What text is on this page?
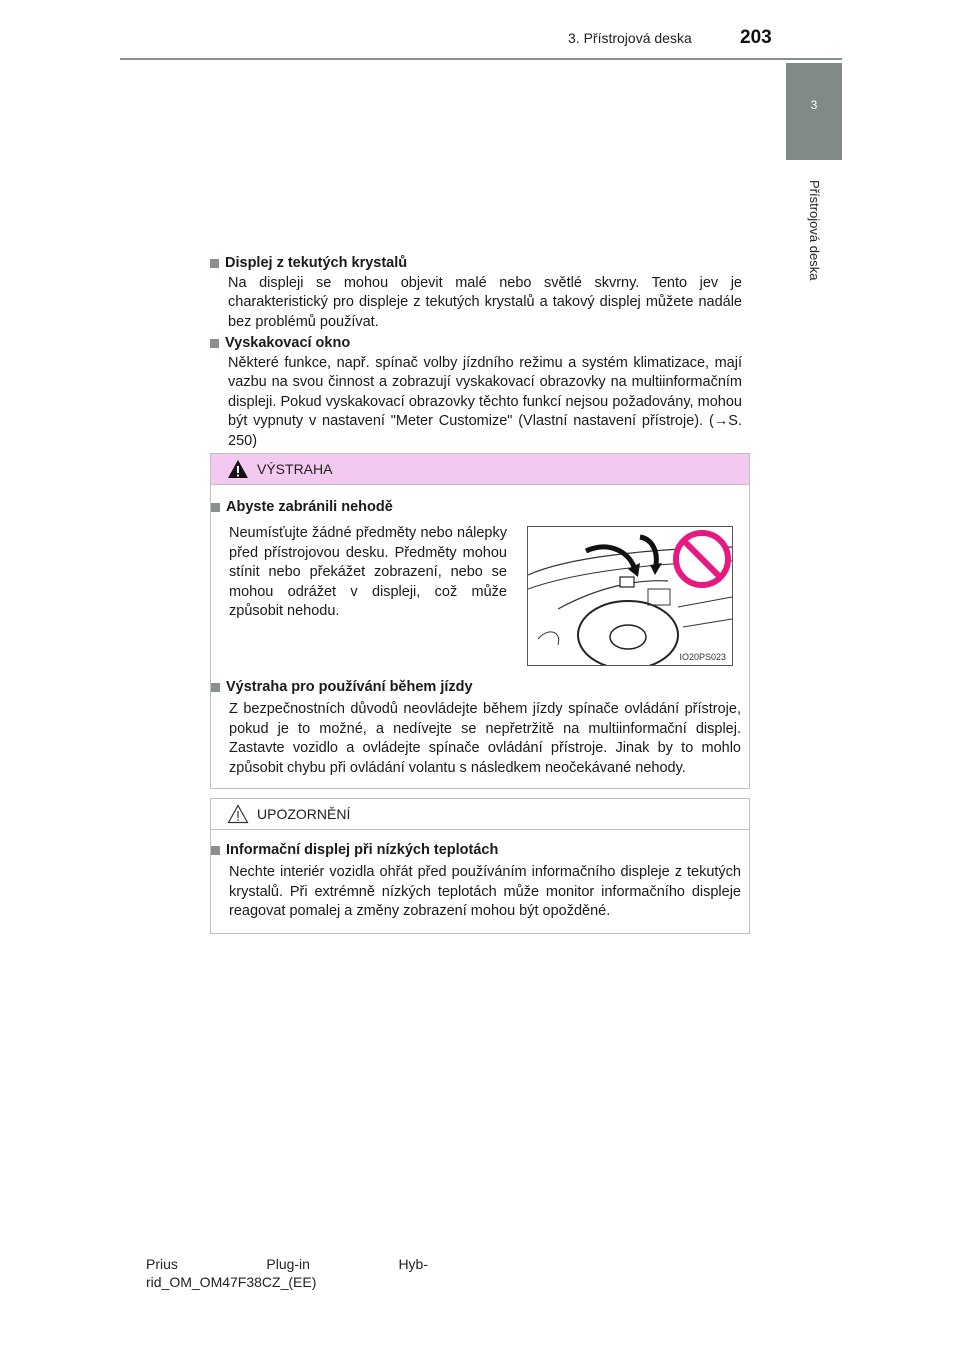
3. Přístrojová deska	203
3
Přístrojová deska
Displej z tekutých krystalů
Na displeji se mohou objevit malé nebo světlé skvrny. Tento jev je charakteristický pro displeje z tekutých krystalů a takový displej můžete nadále bez problémů používat.
Vyskakovací okno
Některé funkce, např. spínač volby jízdního režimu a systém klimatizace, mají vazbu na svou činnost a zobrazují vyskakovací obrazovky na multiinformačním displeji. Pokud vyskakovací obrazovky těchto funkcí nejsou požadovány, mohou být vypnuty v nastavení "Meter Customize" (Vlastní nastavení přístroje). (→S. 250)
VÝSTRAHA
Abyste zabránili nehodě
Neumísťujte žádné předměty nebo nálepky před přístrojovou desku. Předměty mohou stínit nebo překážet zobrazení, nebo se mohou odrážet v displeji, což může způsobit nehodu.
IO20PS023
Výstraha pro používání během jízdy
Z bezpečnostních důvodů neovládejte během jízdy spínače ovládání přístroje, pokud je to možné, a nedívejte se nepřetržitě na multiinformační displej. Zastavte vozidlo a ovládejte spínače ovládání přístroje. Jinak by to mohlo způsobit chybu při ovládání volantu s následkem neočekávané nehody.
UPOZORNĚNÍ
Informační displej při nízkých teplotách
Nechte interiér vozidla ohřát před používáním informačního displeje z tekutých krystalů. Při extrémně nízkých teplotách může monitor informačního displeje reagovat pomalej a změny zobrazení mohou být opožděné.
Prius	Plug-in	Hyb-
rid_OM_OM47F38CZ_(EE)
